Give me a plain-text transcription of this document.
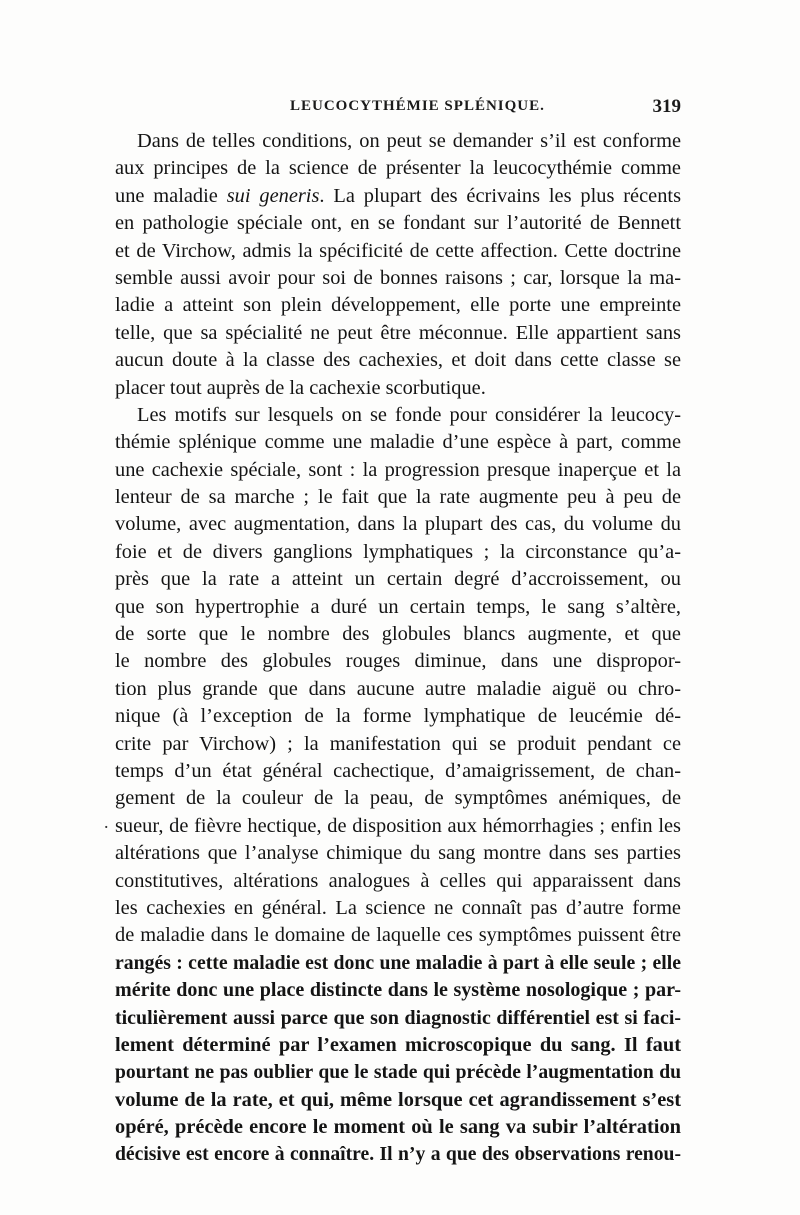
LEUCOCYTHÉMIE SPLÉNIQUE.	319
.
Dans de telles conditions, on peut se demander s’il est conforme
aux principes de la science de présenter la leucocythémie comme
une maladie sui generis. La plupart des écrivains les plus récents
en pathologie spéciale ont, en se fondant sur l’autorité de Bennett
et de Virchow, admis la spécificité de cette affection. Cette doctrine
semble aussi avoir pour soi de bonnes raisons ; car, lorsque la ma-
ladie a atteint son plein développement, elle porte une empreinte
telle, que sa spécialité ne peut être méconnue. Elle appartient sans
aucun doute à la classe des cachexies, et doit dans cette classe se
placer tout auprès de la cachexie scorbutique.
Les motifs sur lesquels on se fonde pour considérer la leucocy-
thémie splénique comme une maladie d’une espèce à part, comme
une cachexie spéciale, sont : la progression presque inaperçue et la
lenteur de sa marche ; le fait que la rate augmente peu à peu de
volume, avec augmentation, dans la plupart des cas, du volume du
foie et de divers ganglions lymphatiques ; la circonstance qu’a-
près que la rate a atteint un certain degré d’accroissement, ou
que son hypertrophie a duré un certain temps, le sang s’altère,
de sorte que le nombre des globules blancs augmente, et que
le nombre des globules rouges diminue, dans une dispropor-
tion plus grande que dans aucune autre maladie aiguë ou chro-
nique (à l’exception de la forme lymphatique de leucémie dé-
crite par Virchow) ; la manifestation qui se produit pendant ce
temps d’un état général cachectique, d’amaigrissement, de chan-
gement de la couleur de la peau, de symptômes anémiques, de
sueur, de fièvre hectique, de disposition aux hémorrhagies ; enfin les
altérations que l’analyse chimique du sang montre dans ses parties
constitutives, altérations analogues à celles qui apparaissent dans
les cachexies en général. La science ne connaît pas d’autre forme
de maladie dans le domaine de laquelle ces symptômes puissent être
rangés : cette maladie est donc une maladie à part à elle seule ; elle
mérite donc une place distincte dans le système nosologique ; par-
ticulièrement aussi parce que son diagnostic différentiel est si faci-
lement déterminé par l’examen microscopique du sang. Il faut
pourtant ne pas oublier que le stade qui précède l’augmentation du
volume de la rate, et qui, même lorsque cet agrandissement s’est
opéré, précède encore le moment où le sang va subir l’altération
décisive est encore à connaître. Il n’y a que des observations renou-
